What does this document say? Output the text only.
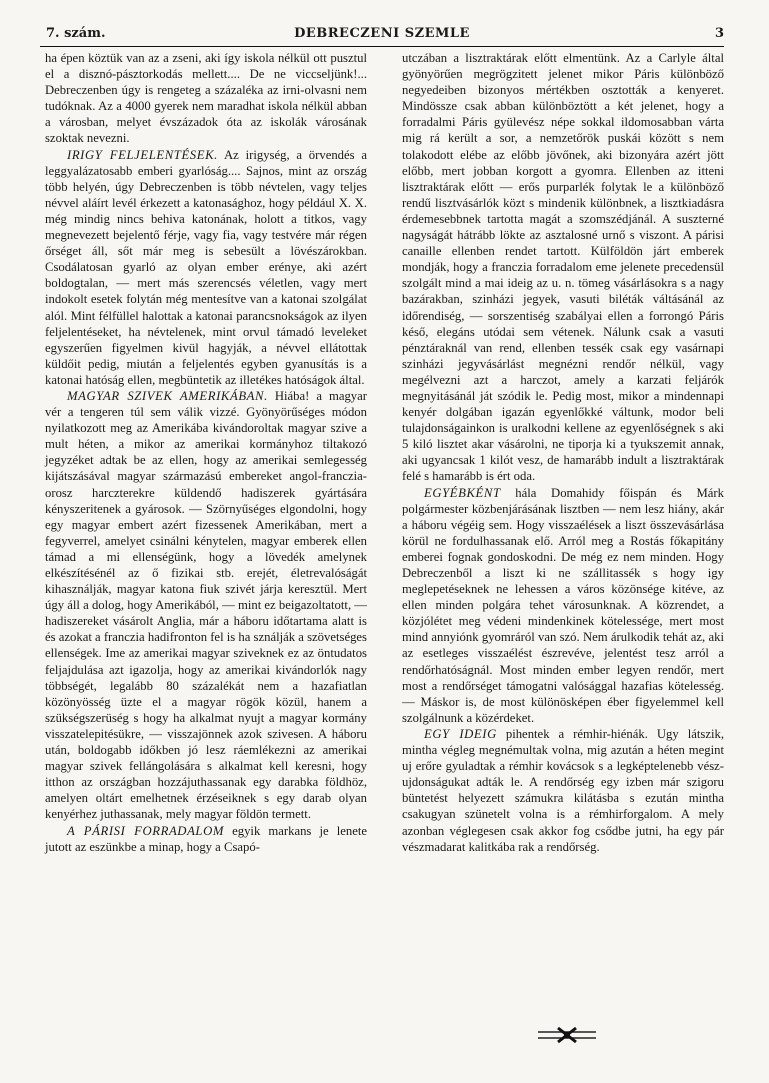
7. szám.	DEBRECZENI SZEMLE	3

ha épen köztük van az a zseni, aki így iskola nélkül ott pusztul el a disznó-pásztorkodás mellett.... De ne viccseljünk!... Debreczenben úgy is rengeteg a százaléka az irni-olvasni nem tudóknak. Az a 4000 gyerek nem maradhat iskola nélkül abban a városban, melyet évszázadok óta az iskolák városának szoktak nevezni.

IRIGY FELJELENTÉSEK. Az irigység, a örvendés a leggyalázatosabb emberi gyarlóság.... Sajnos, mint az ország több helyén, úgy Debreczenben is több névtelen, vagy teljes névvel aláírt levél érkezett a katonasághoz, hogy például X. X. még mindig nincs behiva katonának, holott a titkos, vagy megnevezett bejelentő férje, vagy fia, vagy testvére már régen őrséget áll, sőt már meg is sebesült a lövészárokban. Csodálatosan gyarló az olyan ember erénye, aki azért boldogtalan, — mert más szerencsés véletlen, vagy mert indokolt esetek folytán még mentesítve van a katonai szolgálat alól. Mint félfüllel halottak a katonai parancsnokságok az ilyen feljelentéseket, ha névtelenek, mint orvul támadó leveleket egyszerűen figyelmen kivül hagyják, a névvel ellátottak küldőit pedig, miután a feljelentés egyben gyanusítás is a katonai hatóság ellen, megbüntetik az illetékes hatóságok által.

MAGYAR SZIVEK AMERIKÁBAN. Hiába! a magyar vér a tengeren túl sem válik vizzé. Gyönyörűséges módon nyilatkozott meg az Amerikába kivándoroltak magyar szive a mult héten, a mikor az amerikai kormányhoz tiltakozó jegyzéket adtak be az ellen, hogy az amerikai semlegesség kijátszásával magyar származású embereket angol-franczia-orosz harczterekre küldendő hadiszerek gyártására kényszeritenek a gyárosok. — Szörnyűséges elgondolni, hogy egy magyar embert azért fizessenek Amerikában, mert a fegyverrel, amelyet csinálni kénytelen, magyar emberek ellen támad a mi ellenségünk, hogy a lövedék amelynek elkészítésénél az ő fizikai stb. erejét, életrevalóságát kihasználják, magyar katona fiuk szivét járja keresztül. Mert úgy áll a dolog, hogy Amerikából, — mint ez beigazoltatott, — hadiszereket vásárolt Anglia, már a háboru időtartama alatt is és azokat a franczia hadifronton fel is ha sználják a szövetséges ellenségek. Ime az amerikai magyar sziveknek ez az öntudatos feljajdulása azt igazolja, hogy az amerikai kivándorlók nagy többségét, legalább 80 százalékát nem a hazafiatlan közönyösség üzte el a magyar rögök közül, hanem a szükségszerüség s hogy ha alkalmat nyujt a magyar kormány visszatelepitésükre, — visszajönnek azok szivesen. A háboru után, boldogabb időkben jó lesz ráemlékezni az amerikai magyar szivek fellángolására s alkalmat kell keresni, hogy itthon az országban hozzájuthassanak egy darabka földhöz, amelyen oltárt emelhetnek érzéseiknek s egy darab olyan kenyérhez juthassanak, mely magyar földön termett.

A PÁRISI FORRADALOM egyik markans je lenete jutott az eszünkbe a minap, hogy a Csapó-

utczában a lisztraktárak előtt elmentünk. Az a Carlyle által gyönyörűen megrögzitett jelenet mikor Páris különböző negyedeiben bizonyos mértékben osztották a kenyeret. Mindössze csak abban különböztött a két jelenet, hogy a forradalmi Páris gyülevész népe sokkal ildomosabban várta mig rá került a sor, a nemzetőrök puskái között s nem tolakodott elébe az előbb jövőnek, aki bizonyára azért jött előbb, mert jobban korgott a gyomra. Ellenben az itteni lisztraktárak előtt — erős purparlék folytak le a különböző rendű lisztvásárlók közt s mindenik különbnek, a lisztkiadásra érdemesebbnek tartotta magát a szomszédjánál. A suszterné nagyságát hátrább lökte az asztalosné urnő s viszont. A párisi canaille ellenben rendet tartott. Külföldön járt emberek mondják, hogy a franczia forradalom eme jelenete precedensül szolgált mind a mai ideig az u. n. tömeg vásárlásokra s a nagy bazárakban, szinházi jegyek, vasuti biléták váltásánál az időrendiség, — sorszentiség szabályai ellen a forrongó Páris késő, elegáns utódai sem vétenek. Nálunk csak a vasuti pénztáraknál van rend, ellenben tessék csak egy vasárnapi szinházi jegyvásárlást megnézni rendőr nélkül, vagy megélvezni azt a harczot, amely a karzati feljárók megnyitásánál ját szódik le. Pedig most, mikor a mindennapi kenyér dolgában igazán egyenlőkké váltunk, modor beli tulajdonságainkon is uralkodni kellene az egyenlőségnek s aki 5 kiló lisztet akar vásárolni, ne tiporja ki a tyukszemit annak, aki ugyancsak 1 kilót vesz, de hamarább indult a lisztraktárak felé s hamarább is ért oda.

EGYÉBKÉNT hála Domahidy főispán és Márk polgármester közbenjárásának lisztben — nem lesz hiány, akár a háboru végéig sem. Hogy visszaélések a liszt összevásárlása körül ne fordulhassanak elő. Arról meg a Rostás főkapitány emberei fognak gondoskodni. De még ez nem minden. Hogy Debreczenből a liszt ki ne szállitassék s hogy igy meglepetéseknek ne lehessen a város közönsége kitéve, az ellen minden polgára tehet városunknak. A közrendet, a közjólétet meg védeni mindenkinek kötelessége, mert most mind annyiónk gyomráról van szó. Nem árulkodik tehát az, aki az esetleges visszaélést észrevéve, jelentést tesz arról a rendőrhatóságnál. Most minden ember legyen rendőr, mert most a rendőrséget támogatni valósággal hazafias kötelesség. — Máskor is, de most különösképen éber figyelemmel kell szolgálnunk a közérdeket.

EGY IDEIG pihentek a rémhir-hiénák. Ugy látszik, mintha végleg megnémultak volna, mig azután a héten megint uj erőre gyuladtak a rémhir kovácsok s a legképtelenebb vész-ujdonságukat adták le. A rendőrség egy izben már szigoru büntetést helyezett számukra kilátásba s ezután mintha csakugyan szünetelt volna is a rémhirforgalom. A mely azonban véglegesen csak akkor fog csődbe jutni, ha egy pár vészmadarat kalitkába rak a rendőrség.
